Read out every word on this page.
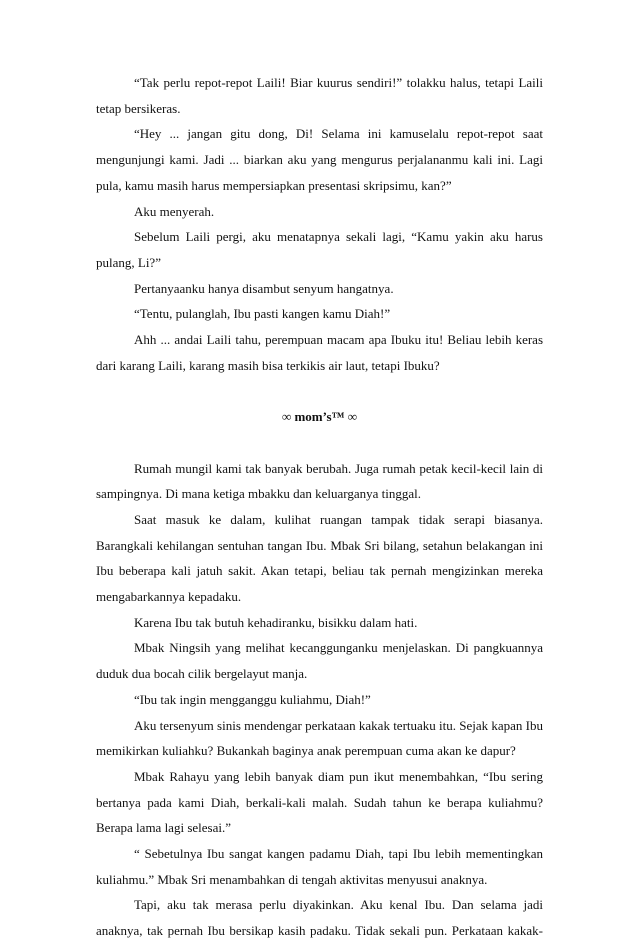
“Tak perlu repot-repot Laili! Biar kuurus sendiri!” tolakku halus, tetapi Laili tetap bersikeras.

“Hey ... jangan gitu dong, Di! Selama ini kamuselalu repot-repot saat mengunjungi kami. Jadi ... biarkan aku yang mengurus perjalananmu kali ini. Lagi pula, kamu masih harus mempersiapkan presentasi skripsimu, kan?”

Aku menyerah.

Sebelum Laili pergi, aku menatapnya sekali lagi, “Kamu yakin aku harus pulang, Li?”

Pertanyaanku hanya disambut senyum hangatnya.

“Tentu, pulanglah, Ibu pasti kangen kamu Diah!”

Ahh ... andai Laili tahu, perempuan macam apa Ibuku itu! Beliau lebih keras dari karang Laili, karang masih bisa terkikis air laut, tetapi Ibuku?

∞ mom’s™ ∞

Rumah mungil kami tak banyak berubah. Juga rumah petak kecil-kecil lain di sampingnya. Di mana ketiga mbakku dan keluarganya tinggal.

Saat masuk ke dalam, kulihat ruangan tampak tidak serapi biasanya. Barangkali kehilangan sentuhan tangan Ibu. Mbak Sri bilang, setahun belakangan ini Ibu beberapa kali jatuh sakit. Akan tetapi, beliau tak pernah mengizinkan mereka mengabarkannya kepadaku.

Karena Ibu tak butuh kehadiranku, bisikku dalam hati.

Mbak Ningsih yang melihat kecanggunganku menjelaskan. Di pangkuannya duduk dua bocah cilik bergelayut manja.

“Ibu tak ingin mengganggu kuliahmu, Diah!”

Aku tersenyum sinis mendengar perkataan kakak tertuaku itu. Sejak kapan Ibu memikirkan kuliahku? Bukankah baginya anak perempuan cuma akan ke dapur?

Mbak Rahayu yang lebih banyak diam pun ikut menembahkan, “Ibu sering bertanya pada kami Diah, berkali-kali malah. Sudah tahun ke berapa kuliahmu? Berapa lama lagi selesai.”

“ Sebetulnya Ibu sangat kangen padamu Diah, tapi Ibu lebih mementingkan kuliahmu.” Mbak Sri menambahkan di tengah aktivitas menyusui anaknya.

Tapi, aku tak merasa perlu diyakinkan. Aku kenal Ibu. Dan selama jadi anaknya, tak pernah Ibu bersikap kasih padaku. Tidak sekali pun. Perkataan kakak-
